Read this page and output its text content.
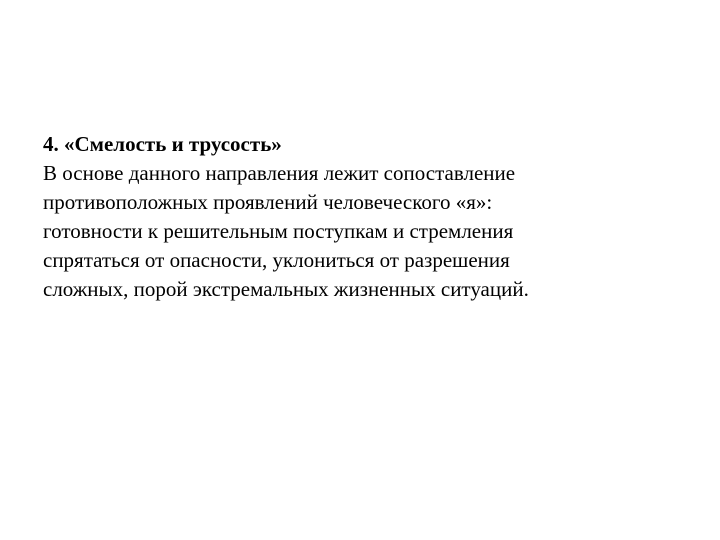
4. «Смелость и трусость»
В основе данного направления лежит сопоставление
противоположных проявлений человеческого «я»:
готовности к решительным поступкам и стремления
спрятаться от опасности, уклониться от разрешения
сложных, порой экстремальных жизненных ситуаций.
